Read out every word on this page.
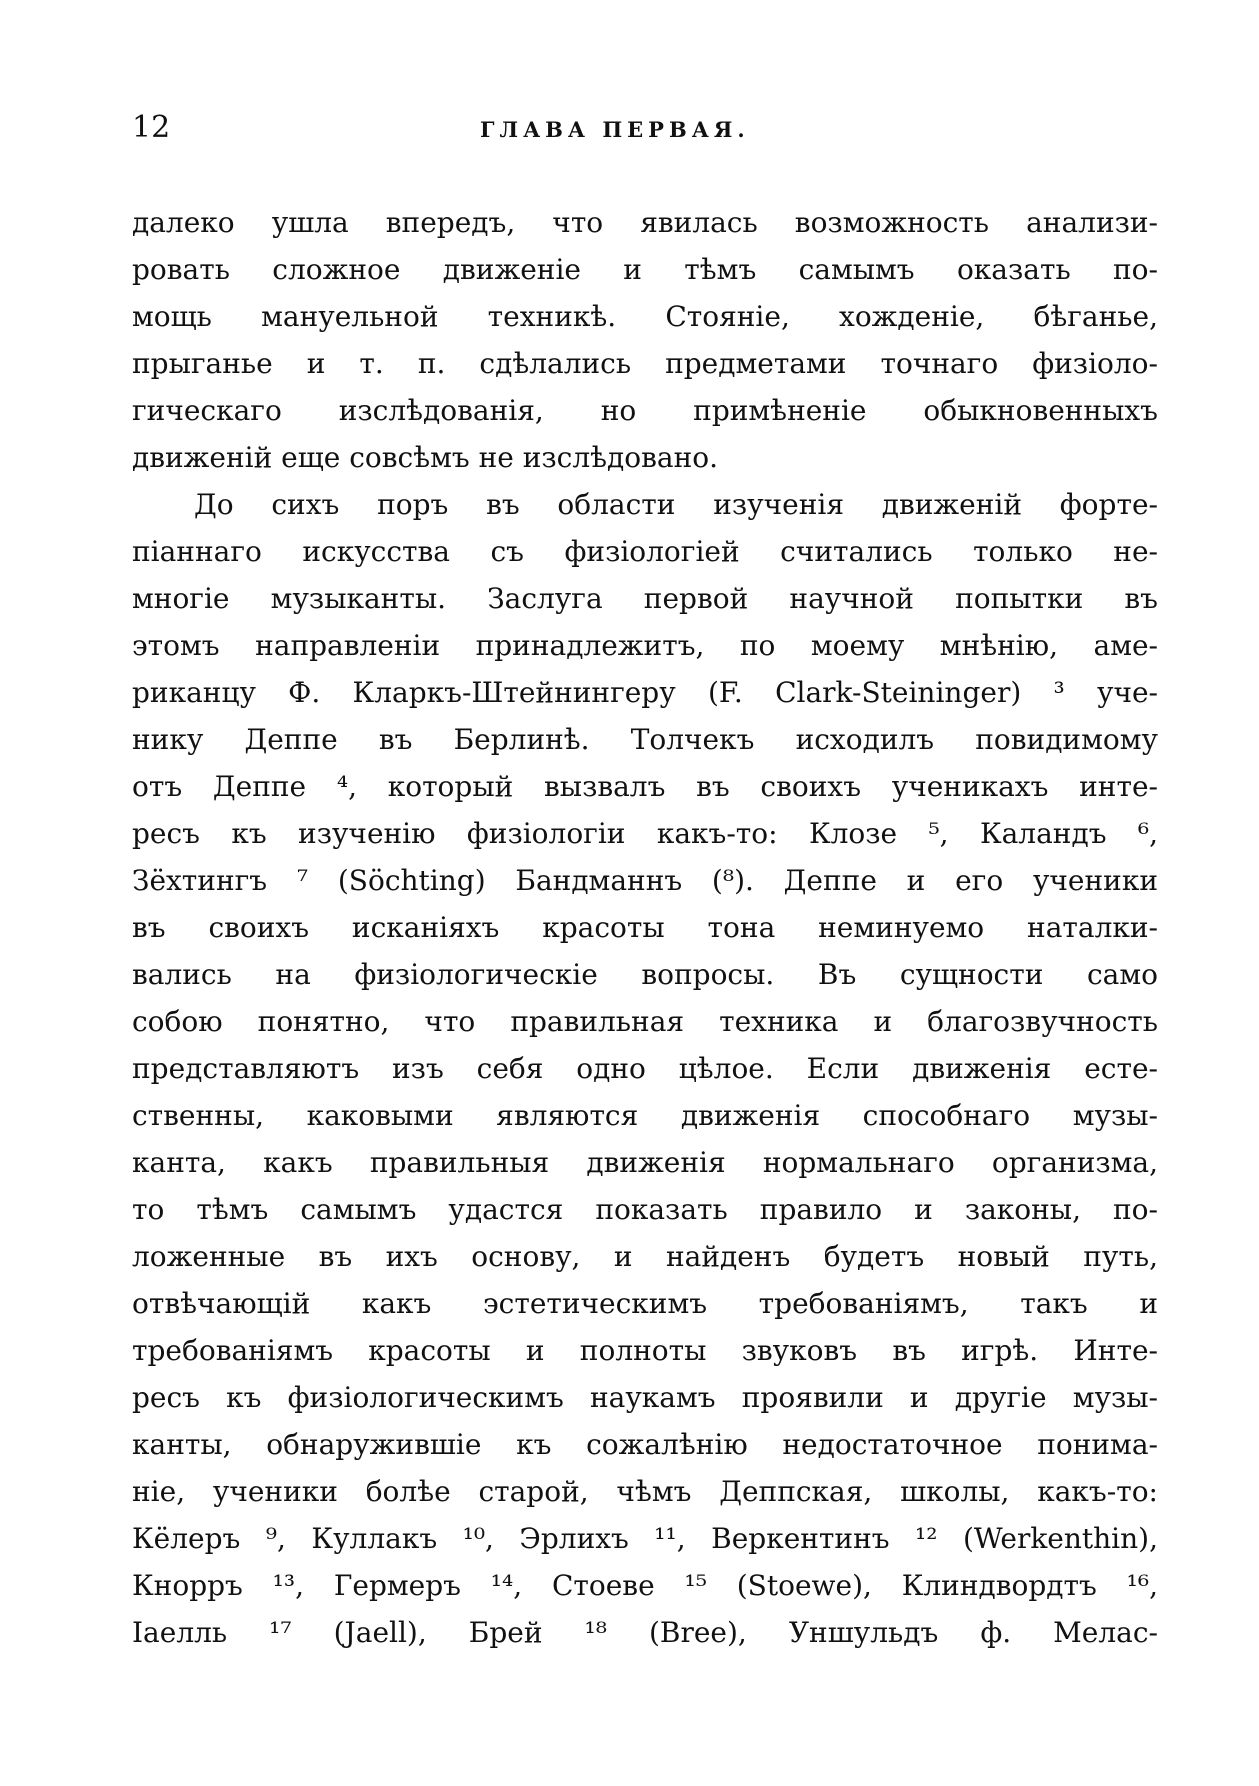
12	ГЛАВА ПЕРВАЯ.
далеко ушла впередъ, что явилась возможность анализи-
ровать сложное движеніе и тѣмъ самымъ оказать по-
мощь мануельной техникѣ. Стояніе, хожденіе, бѣганье,
прыганье и т. п. сдѣлались предметами точнаго физіоло-
гическаго изслѣдованія, но примѣненіе обыкновенныхъ
движеній еще совсѣмъ не изслѣдовано.
До сихъ поръ въ области изученія движеній форте-
піаннаго искусства съ физіологіей считались только не-
многіе музыканты. Заслуга первой научной попытки въ
этомъ направленіи принадлежитъ, по моему мнѣнію, аме-
риканцу Ф. Кларкъ-Штейнингеру (F. Clark-Steininger) ³ уче-
нику Деппе въ Берлинѣ. Толчекъ исходилъ повидимому
отъ Деппе ⁴, который вызвалъ въ своихъ ученикахъ инте-
ресъ къ изученію физіологіи какъ-то: Клозе ⁵, Каландъ ⁶,
Зёхтингъ ⁷ (Söchting) Бандманнъ (⁸). Деппе и его ученики
въ своихъ исканіяхъ красоты тона неминуемо наталки-
вались на физіологическіе вопросы. Въ сущности само
собою понятно, что правильная техника и благозвучность
представляютъ изъ себя одно цѣлое. Если движенія есте-
ственны, каковыми являются движенія способнаго музы-
канта, какъ правильныя движенія нормальнаго организма,
то тѣмъ самымъ удастся показать правило и законы, по-
ложенные въ ихъ основу, и найденъ будетъ новый путь,
отвѣчающій какъ эстетическимъ требованіямъ, такъ и
требованіямъ красоты и полноты звуковъ въ игрѣ. Инте-
ресъ къ физіологическимъ наукамъ проявили и другіе музы-
канты, обнаружившіе къ сожалѣнію недостаточное понима-
ніе, ученики болѣе старой, чѣмъ Деппская, школы, какъ-то:
Кёлеръ ⁹, Куллакъ ¹⁰, Эрлихъ ¹¹, Веркентинъ ¹² (Werkenthin),
Кнорръ ¹³, Гермеръ ¹⁴, Стоеве ¹⁵ (Stoewe), Клиндвордтъ ¹⁶,
Іаелль ¹⁷ (Jaell), Брей ¹⁸ (Bree), Уншульдъ ф. Мелас-
